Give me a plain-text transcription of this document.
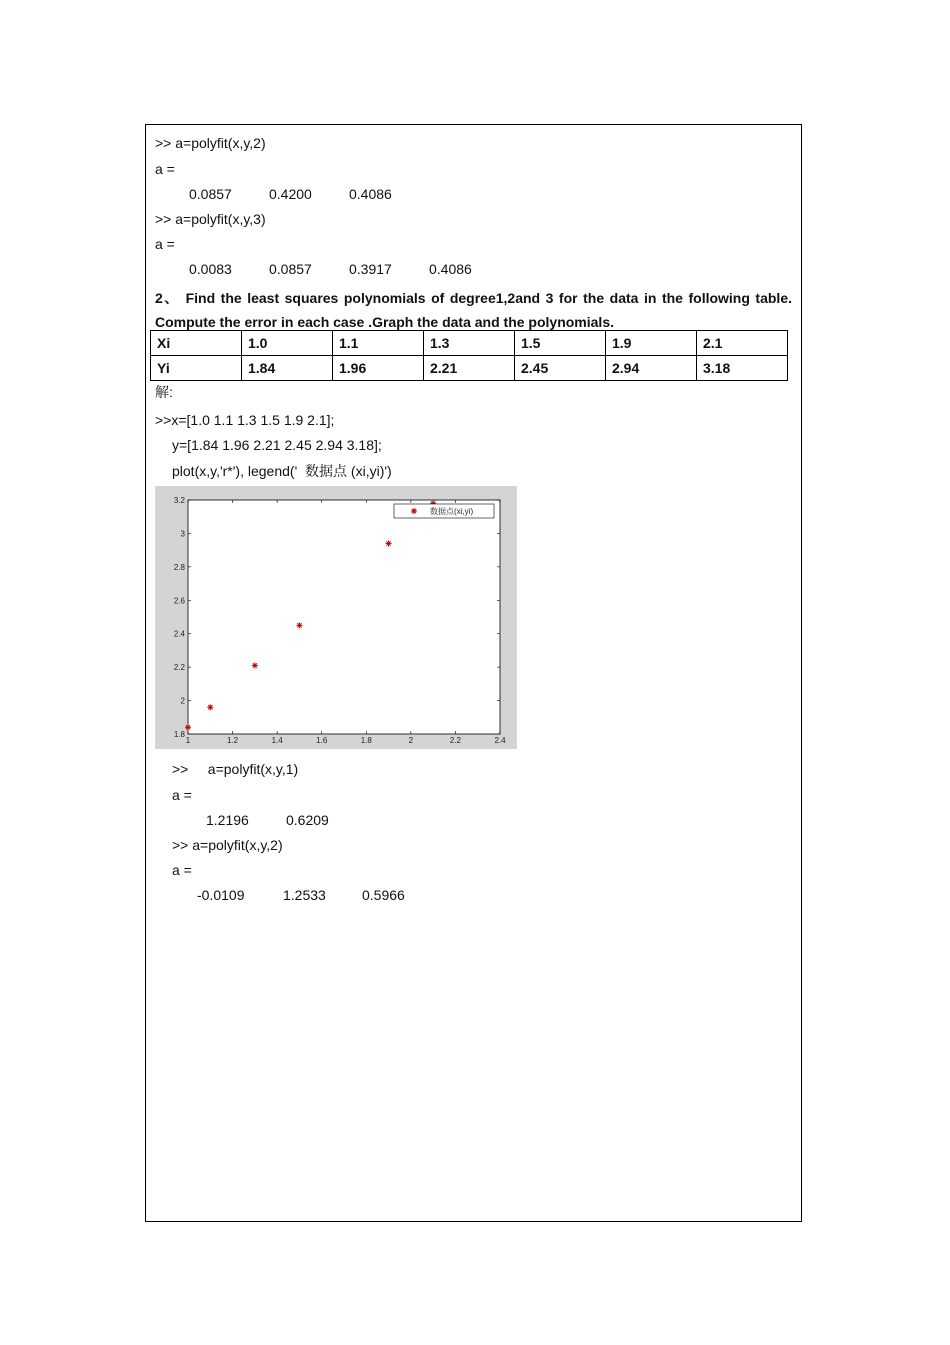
>> a=polyfit(x,y,2)
a =
0.0857	0.4200	0.4086
>> a=polyfit(x,y,3)
a =
0.0083	0.0857	0.3917	0.4086
2、 Find the least squares polynomials of degree1,2and 3 for the data in the following table. Compute the error in each case .Graph the data and the polynomials.
Xi	1.0	1.1	1.3	1.5	1.9	2.1
Yi	1.84	1.96	2.21	2.45	2.94	3.18
解:
>>x=[1.0 1.1 1.3 1.5 1.9 2.1];
y=[1.84 1.96 2.21 2.45 2.94 3.18];
plot(x,y,'r*'), legend('  数据点 (xi,yi)')
1	1.2	1.4	1.6	1.8	2	2.2	2.4
1.8
2
2.2
2.4
2.6
2.8
3
3.2
数据点(xi,yi)
>>     a=polyfit(x,y,1)
a =
1.2196	0.6209
>> a=polyfit(x,y,2)
a =
-0.0109	1.2533	0.5966
